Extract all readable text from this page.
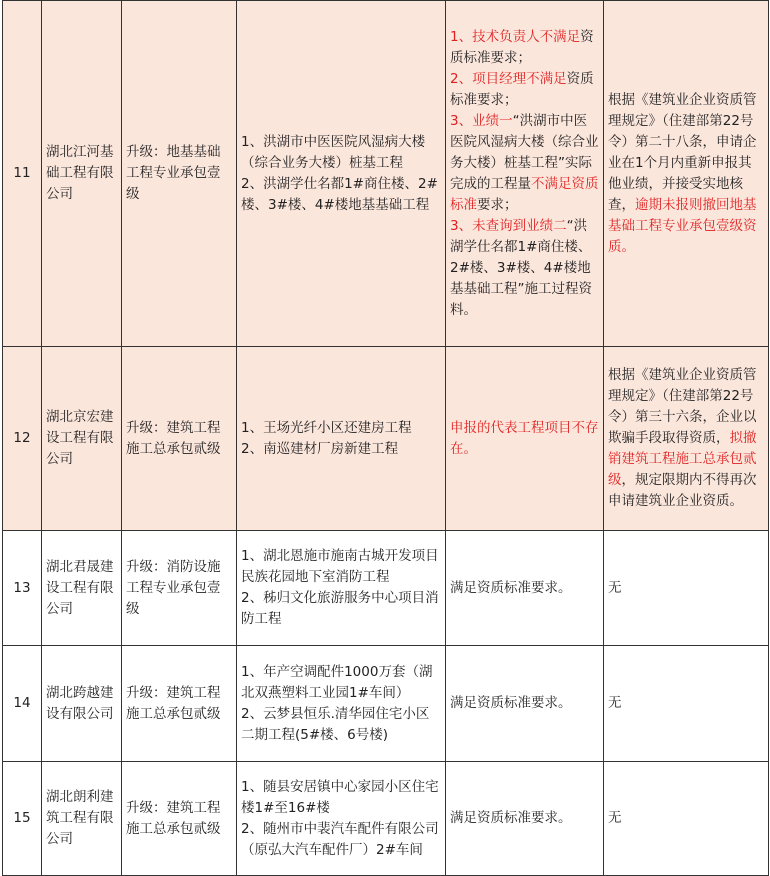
11	湖北江河基础工程有限公司	升级：地基基础工程专业承包壹级	1、洪湖市中医医院风湿病大楼（综合业务大楼）桩基工程
2、洪湖学仕名都1#商住楼、2#楼、3#楼、4#楼地基基础工程	1、技术负责人不满足资质标准要求；
2、项目经理不满足资质标准要求；
3、业绩一“洪湖市中医医院风湿病大楼（综合业务大楼）桩基工程”实际完成的工程量不满足资质标准要求；
3、未查询到业绩二“洪湖学仕名都1#商住楼、2#楼、3#楼、4#楼地基基础工程”施工过程资料。	根据《建筑业企业资质管理规定》（住建部第22号令）第二十八条，申请企业在1个月内重新申报其他业绩，并接受实地核查，逾期未报则撤回地基基础工程专业承包壹级资质。
12	湖北京宏建设工程有限公司	升级：建筑工程施工总承包贰级	1、王场光纤小区还建房工程
2、南巡建材厂房新建工程	申报的代表工程项目不存在。	根据《建筑业企业资质管理规定》（住建部第22号令）第三十六条，企业以欺骗手段取得资质，拟撤销建筑工程施工总承包贰级，规定限期内不得再次申请建筑业企业资质。
13	湖北君晟建设工程有限公司	升级：消防设施工程专业承包壹级	1、湖北恩施市施南古城开发项目民族花园地下室消防工程
2、秭归文化旅游服务中心项目消防工程	满足资质标准要求。	无
14	湖北跨越建设有限公司	升级：建筑工程施工总承包贰级	1、年产空调配件1000万套（湖北双燕塑料工业园1#车间）
2、云梦县恒乐.清华园住宅小区二期工程(5#楼、6号楼)	满足资质标准要求。	无
15	湖北朗利建筑工程有限公司	升级：建筑工程施工总承包贰级	1、随县安居镇中心家园小区住宅楼1#至16#楼
2、随州市中裴汽车配件有限公司（原弘大汽车配件厂）2#车间	满足资质标准要求。	无
